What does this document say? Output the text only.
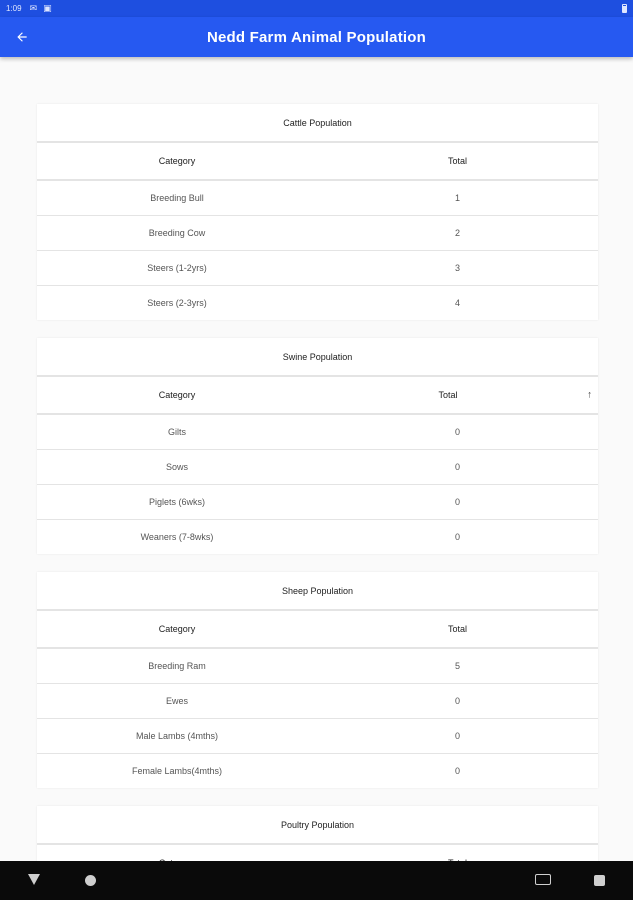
1:09 ✉ ▣
Nedd Farm Animal Population
Cattle Population
Category	Total
Breeding Bull	1
Breeding Cow	2
Steers (1-2yrs)	3
Steers (2-3yrs)	4
Swine Population
Category	Total	↑
Gilts	0
Sows	0
Piglets (6wks)	0
Weaners (7-8wks)	0
Sheep Population
Category	Total
Breeding Ram	5
Ewes	0
Male Lambs (4mths)	0
Female Lambs(4mths)	0
Poultry Population
